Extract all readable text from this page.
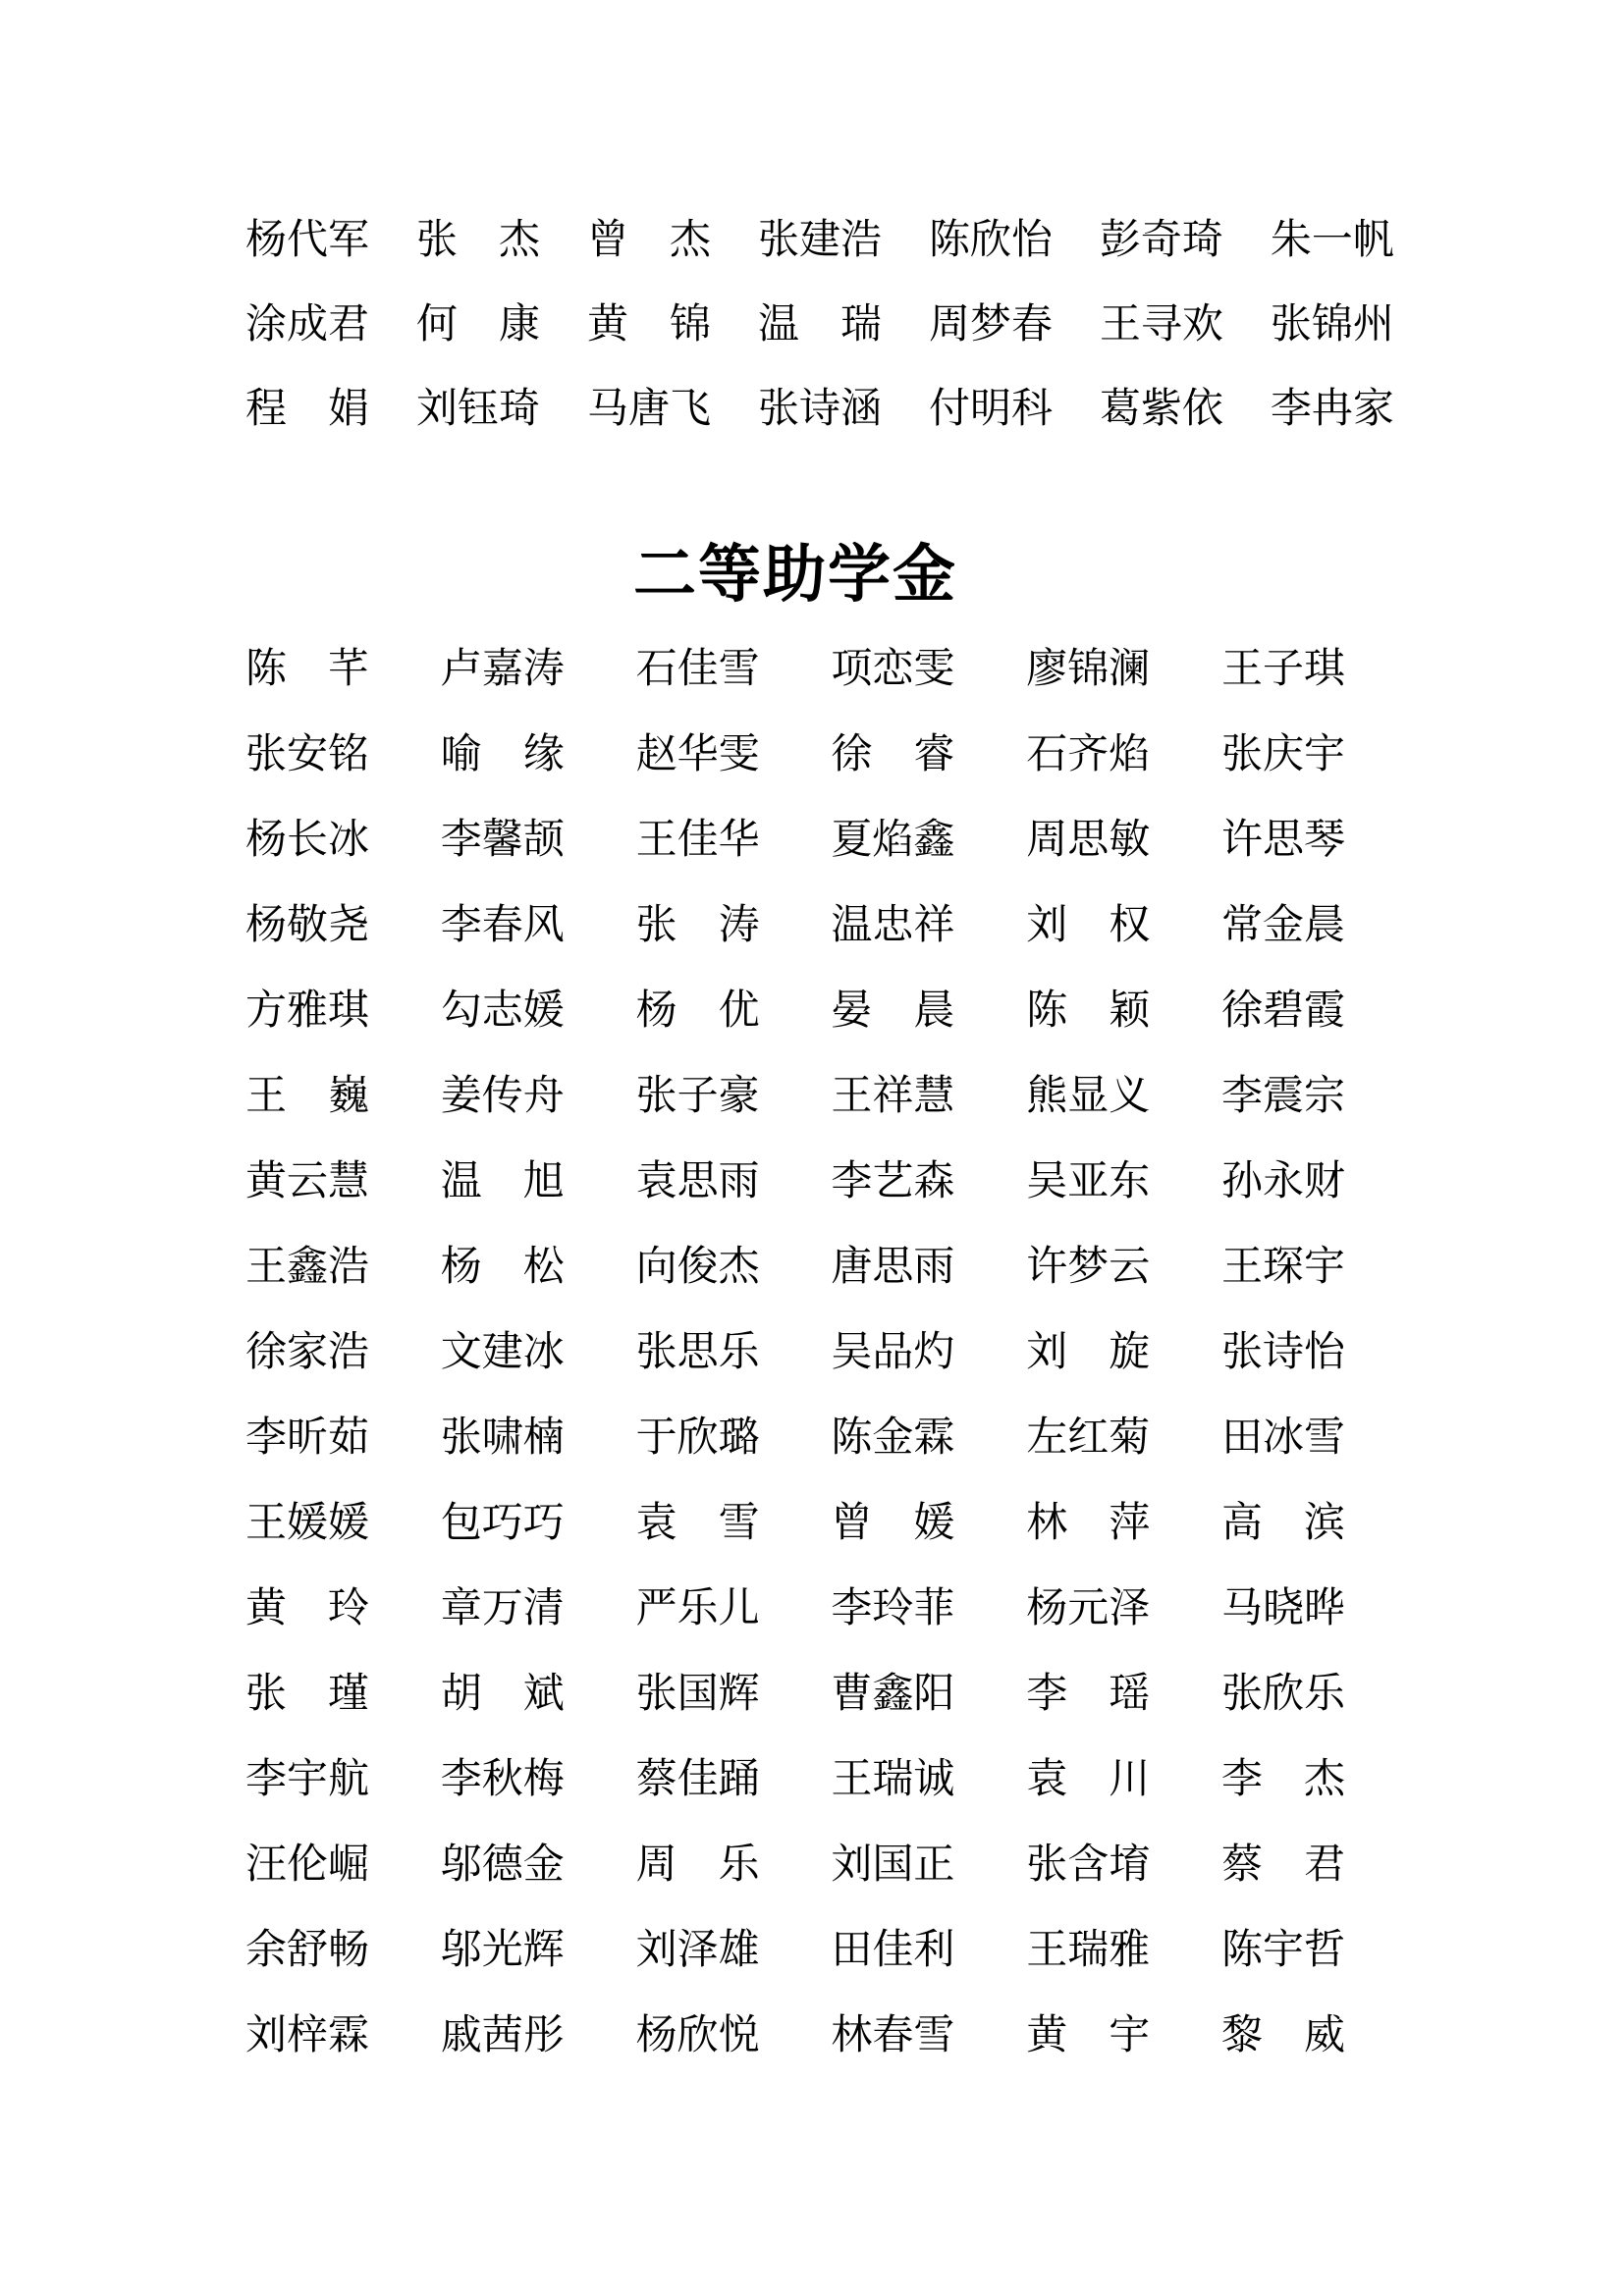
杨代军 张　杰 曾　杰 张建浩 陈欣怡 彭奇琦 朱一帆
涂成君 何　康 黄　锦 温　瑞 周梦春 王寻欢 张锦州
程　娟 刘钰琦 马唐飞 张诗涵 付明科 葛紫依 李冉家
二等助学金
陈　芊 卢嘉涛 石佳雪 项恋雯 廖锦澜 王子琪
张安铭 喻　缘 赵华雯 徐　睿 石齐焰 张庆宇
杨长冰 李馨颉 王佳华 夏焰鑫 周思敏 许思琴
杨敬尧 李春风 张　涛 温忠祥 刘　权 常金晨
方雅琪 勾志媛 杨　优 晏　晨 陈　颖 徐碧霞
王　巍 姜传舟 张子豪 王祥慧 熊显义 李震宗
黄云慧 温　旭 袁思雨 李艺森 吴亚东 孙永财
王鑫浩 杨　松 向俊杰 唐思雨 许梦云 王琛宇
徐家浩 文建冰 张思乐 吴品灼 刘　旋 张诗怡
李昕茹 张啸楠 于欣璐 陈金霖 左红菊 田冰雪
王媛媛 包巧巧 袁　雪 曾　媛 林　萍 高　滨
黄　玲 章万清 严乐儿 李玲菲 杨元泽 马晓晔
张　瑾 胡　斌 张国辉 曹鑫阳 李　瑶 张欣乐
李宇航 李秋梅 蔡佳踊 王瑞诚 袁　川 李　杰
汪伦崛 邬德金 周　乐 刘国正 张含堉 蔡　君
余舒畅 邬光辉 刘泽雄 田佳利 王瑞雅 陈宇哲
刘梓霖 戚茜彤 杨欣悦 林春雪 黄　宇 黎　威
